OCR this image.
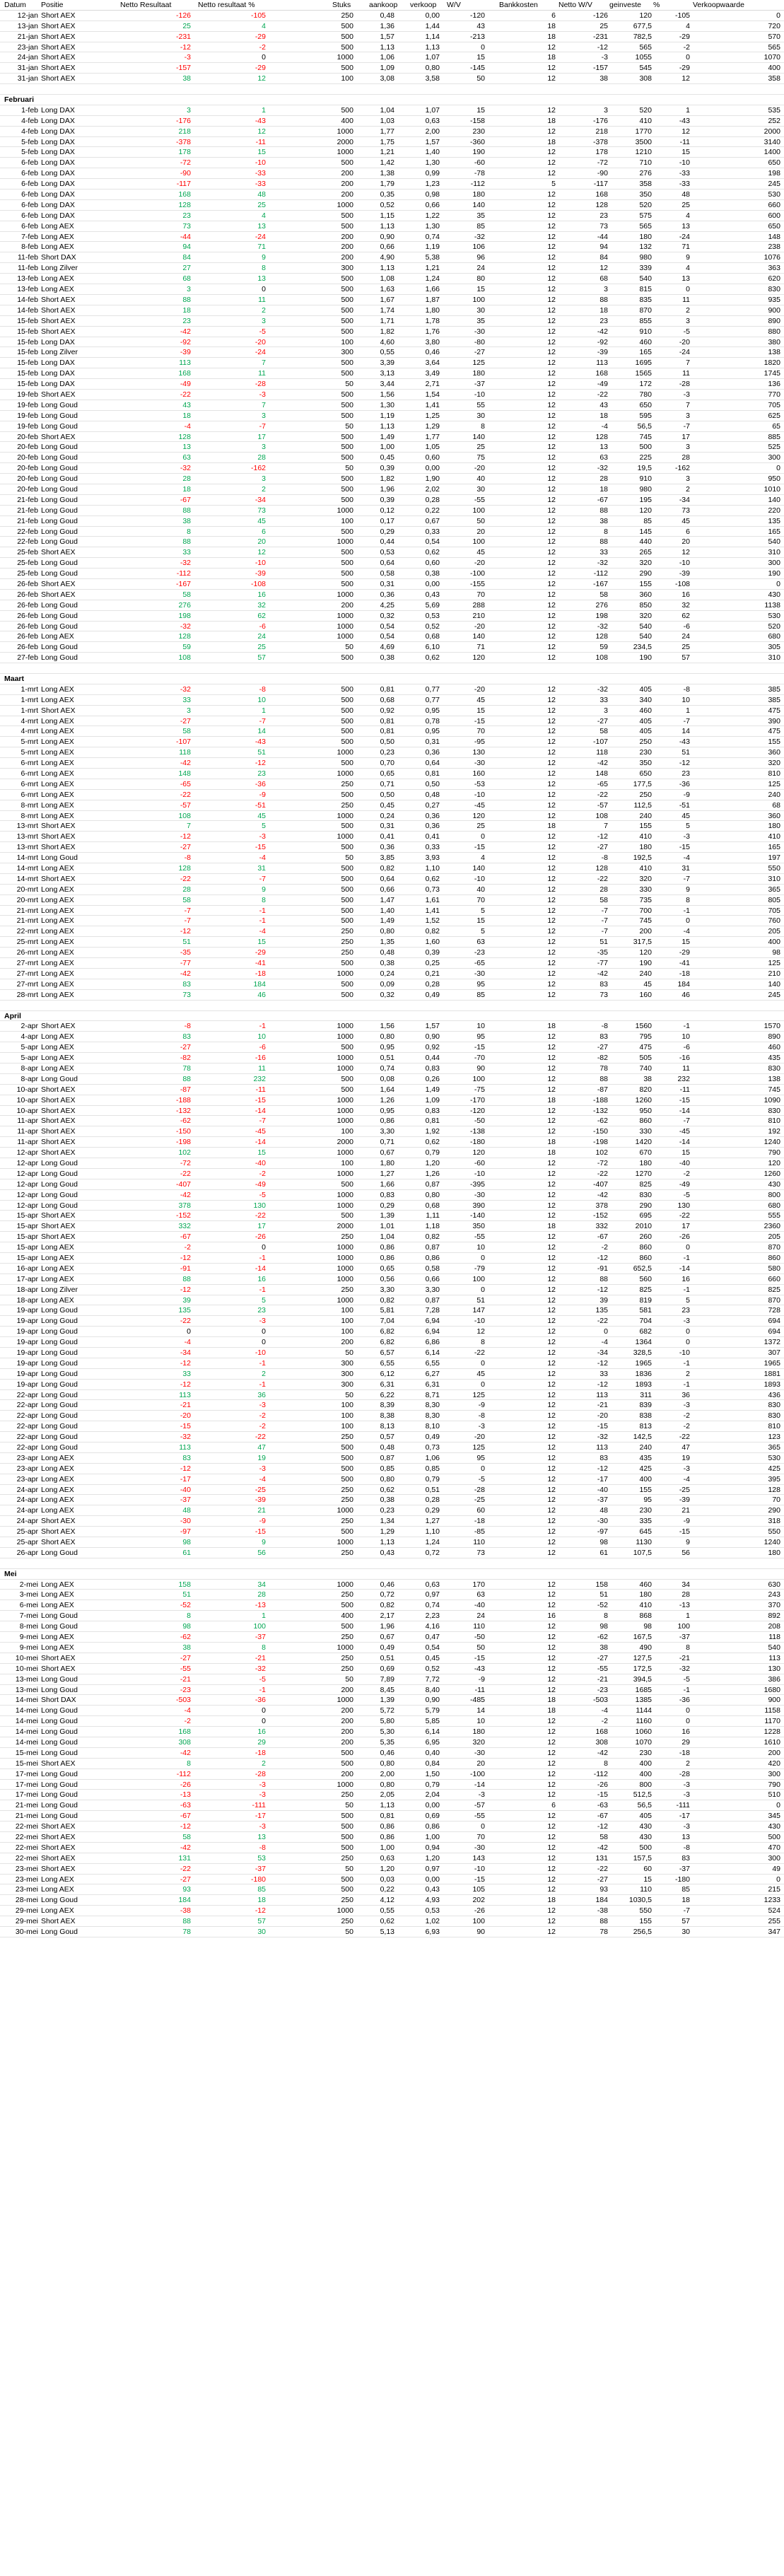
Datum Positie	Netto Resultaat	Netto resultaat %	Stuks aankoop verkoop W/V	Bankkosten	Netto W/V geinveste %	Verkoopwaarde
12-jan Short AEX	-126	-105	250	0,48	0,00	-120	6	-126	120	-105	0
13-jan Short AEX	25	4	500	1,36	1,44	43	18	25	677,5	4	720
21-jan Short AEX	-231	-29	500	1,57	1,14	-213	18	-231	782,5	-29	570
23-jan Short AEX	-12	-2	500	1,13	1,13	0	12	-12	565	-2	565
24-jan Short AEX	-3	0	1000	1,06	1,07	15	18	-3	1055	0	1070
31-jan Short AEX	-157	-29	500	1,09	0,80	-145	12	-157	545	-29	400
31-jan Short AEX	38	12	100	3,08	3,58	50	12	38	308	12	358
Februari
1-feb Long DAX	3	1	500	1,04	1,07	15	12	3	520	1	535
4-feb Long DAX	-176	-43	400	1,03	0,63	-158	18	-176	410	-43	252
4-feb Long DAX	218	12	1000	1,77	2,00	230	12	218	1770	12	2000
5-feb Long DAX	-378	-11	2000	1,75	1,57	-360	18	-378	3500	-11	3140
5-feb Long DAX	178	15	1000	1,21	1,40	190	12	178	1210	15	1400
6-feb Long DAX	-72	-10	500	1,42	1,30	-60	12	-72	710	-10	650
6-feb Long DAX	-90	-33	200	1,38	0,99	-78	12	-90	276	-33	198
6-feb Long DAX	-117	-33	200	1,79	1,23	-112	5	-117	358	-33	245
6-feb Long DAX	168	48	200	0,35	0,98	180	12	168	350	48	530
6-feb Long DAX	128	25	1000	0,52	0,66	140	12	128	520	25	660
6-feb Long DAX	23	4	500	1,15	1,22	35	12	23	575	4	600
6-feb Long AEX	73	13	500	1,13	1,30	85	12	73	565	13	650
7-feb Long AEX	-44	-24	200	0,90	0,74	-32	12	-44	180	-24	148
8-feb Long AEX	94	71	200	0,66	1,19	106	12	94	132	71	238
11-feb Short DAX	84	9	200	4,90	5,38	96	12	84	980	9	1076
11-feb Long Zilver	27	8	300	1,13	1,21	24	12	12	339	4	363
13-feb Long AEX	68	13	500	1,08	1,24	80	12	68	540	13	620
13-feb Long AEX	3	0	500	1,63	1,66	15	12	3	815	0	830
14-feb Short AEX	88	11	500	1,67	1,87	100	12	88	835	11	935
14-feb Short AEX	18	2	500	1,74	1,80	30	12	18	870	2	900
15-feb Short AEX	23	3	500	1,71	1,78	35	12	23	855	3	890
15-feb Short AEX	-42	-5	500	1,82	1,76	-30	12	-42	910	-5	880
15-feb Long DAX	-92	-20	100	4,60	3,80	-80	12	-92	460	-20	380
15-feb Long Zilver	-39	-24	300	0,55	0,46	-27	12	-39	165	-24	138
15-feb Long DAX	113	7	500	3,39	3,64	125	12	113	1695	7	1820
15-feb Long DAX	168	11	500	3,13	3,49	180	12	168	1565	11	1745
15-feb Long DAX	-49	-28	50	3,44	2,71	-37	12	-49	172	-28	136
19-feb Short AEX	-22	-3	500	1,56	1,54	-10	12	-22	780	-3	770
19-feb Long Goud	43	7	500	1,30	1,41	55	12	43	650	7	705
19-feb Long Goud	18	3	500	1,19	1,25	30	12	18	595	3	625
19-feb Long Goud	-4	-7	50	1,13	1,29	8	12	-4	56,5	-7	65
20-feb Short AEX	128	17	500	1,49	1,77	140	12	128	745	17	885
20-feb Long Goud	13	3	500	1,00	1,05	25	12	13	500	3	525
20-feb Long Goud	63	28	500	0,45	0,60	75	12	63	225	28	300
20-feb Long Goud	-32	-162	50	0,39	0,00	-20	12	-32	19,5	-162	0
20-feb Long Goud	28	3	500	1,82	1,90	40	12	28	910	3	950
20-feb Long Goud	18	2	500	1,96	2,02	30	12	18	980	2	1010
21-feb Long Goud	-67	-34	500	0,39	0,28	-55	12	-67	195	-34	140
21-feb Long Goud	88	73	1000	0,12	0,22	100	12	88	120	73	220
21-feb Long Goud	38	45	100	0,17	0,67	50	12	38	85	45	135
22-feb Long Goud	8	6	500	0,29	0,33	20	12	8	145	6	165
22-feb Long Goud	88	20	1000	0,44	0,54	100	12	88	440	20	540
25-feb Short AEX	33	12	500	0,53	0,62	45	12	33	265	12	310
25-feb Long Goud	-32	-10	500	0,64	0,60	-20	12	-32	320	-10	300
25-feb Long Goud	-112	-39	500	0,58	0,38	-100	12	-112	290	-39	190
26-feb Short AEX	-167	-108	500	0,31	0,00	-155	12	-167	155	-108	0
26-feb Short AEX	58	16	1000	0,36	0,43	70	12	58	360	16	430
26-feb Long Goud	276	32	200	4,25	5,69	288	12	276	850	32	1138
26-feb Long Goud	198	62	1000	0,32	0,53	210	12	198	320	62	530
26-feb Long Goud	-32	-6	1000	0,54	0,52	-20	12	-32	540	-6	520
26-feb Long AEX	128	24	1000	0,54	0,68	140	12	128	540	24	680
26-feb Long Goud	59	25	50	4,69	6,10	71	12	59	234,5	25	305
27-feb Long Goud	108	57	500	0,38	0,62	120	12	108	190	57	310
Maart
1-mrt Long AEX	-32	-8	500	0,81	0,77	-20	12	-32	405	-8	385
1-mrt Long AEX	33	10	500	0,68	0,77	45	12	33	340	10	385
1-mrt Short AEX	3	1	500	0,92	0,95	15	12	3	460	1	475
4-mrt Long AEX	-27	-7	500	0,81	0,78	-15	12	-27	405	-7	390
4-mrt Long AEX	58	14	500	0,81	0,95	70	12	58	405	14	475
5-mrt Long AEX	-107	-43	500	0,50	0,31	-95	12	-107	250	-43	155
5-mrt Long AEX	118	51	1000	0,23	0,36	130	12	118	230	51	360
6-mrt Long AEX	-42	-12	500	0,70	0,64	-30	12	-42	350	-12	320
6-mrt Long AEX	148	23	1000	0,65	0,81	160	12	148	650	23	810
6-mrt Long AEX	-65	-36	250	0,71	0,50	-53	12	-65	177,5	-36	125
6-mrt Long AEX	-22	-9	500	0,50	0,48	-10	12	-22	250	-9	240
8-mrt Long AEX	-57	-51	250	0,45	0,27	-45	12	-57	112,5	-51	68
8-mrt Long AEX	108	45	1000	0,24	0,36	120	12	108	240	45	360
13-mrt Short AEX	7	5	500	0,31	0,36	25	18	7	155	5	180
13-mrt Short AEX	-12	-3	1000	0,41	0,41	0	12	-12	410	-3	410
13-mrt Short AEX	-27	-15	500	0,36	0,33	-15	12	-27	180	-15	165
14-mrt Long Goud	-8	-4	50	3,85	3,93	4	12	-8	192,5	-4	197
14-mrt Long AEX	128	31	500	0,82	1,10	140	12	128	410	31	550
14-mrt Short AEX	-22	-7	500	0,64	0,62	-10	12	-22	320	-7	310
20-mrt Long AEX	28	9	500	0,66	0,73	40	12	28	330	9	365
20-mrt Long AEX	58	8	500	1,47	1,61	70	12	58	735	8	805
21-mrt Long AEX	-7	-1	500	1,40	1,41	5	12	-7	700	-1	705
21-mrt Long AEX	-7	-1	500	1,49	1,52	15	12	-7	745	0	760
22-mrt Long AEX	-12	-4	250	0,80	0,82	5	12	-7	200	-4	205
25-mrt Long AEX	51	15	250	1,35	1,60	63	12	51	317,5	15	400
26-mrt Long AEX	-35	-29	250	0,48	0,39	-23	12	-35	120	-29	98
27-mrt Long AEX	-77	-41	500	0,38	0,25	-65	12	-77	190	-41	125
27-mrt Long AEX	-42	-18	1000	0,24	0,21	-30	12	-42	240	-18	210
27-mrt Long AEX	83	184	500	0,09	0,28	95	12	83	45	184	140
28-mrt Long AEX	73	46	500	0,32	0,49	85	12	73	160	46	245
April
2-apr Short AEX	-8	-1	1000	1,56	1,57	10	18	-8	1560	-1	1570
4-apr Long AEX	83	10	1000	0,80	0,90	95	12	83	795	10	890
5-apr Long AEX	-27	-6	500	0,95	0,92	-15	12	-27	475	-6	460
5-apr Long AEX	-82	-16	1000	0,51	0,44	-70	12	-82	505	-16	435
8-apr Long AEX	78	11	1000	0,74	0,83	90	12	78	740	11	830
8-apr Long Goud	88	232	500	0,08	0,26	100	12	88	38	232	138
10-apr Short AEX	-87	-11	500	1,64	1,49	-75	12	-87	820	-11	745
10-apr Short AEX	-188	-15	1000	1,26	1,09	-170	18	-188	1260	-15	1090
10-apr Short AEX	-132	-14	1000	0,95	0,83	-120	12	-132	950	-14	830
11-apr Short AEX	-62	-7	1000	0,86	0,81	-50	12	-62	860	-7	810
11-apr Short AEX	-150	-45	100	3,30	1,92	-138	12	-150	330	-45	192
11-apr Short AEX	-198	-14	2000	0,71	0,62	-180	18	-198	1420	-14	1240
12-apr Short AEX	102	15	1000	0,67	0,79	120	18	102	670	15	790
12-apr Long Goud	-72	-40	100	1,80	1,20	-60	12	-72	180	-40	120
12-apr Long Goud	-22	-2	1000	1,27	1,26	-10	12	-22	1270	-2	1260
12-apr Long Goud	-407	-49	500	1,66	0,87	-395	12	-407	825	-49	430
12-apr Long Goud	-42	-5	1000	0,83	0,80	-30	12	-42	830	-5	800
12-apr Long Goud	378	130	1000	0,29	0,68	390	12	378	290	130	680
15-apr Short AEX	-152	-22	500	1,39	1,11	-140	12	-152	695	-22	555
15-apr Short AEX	332	17	2000	1,01	1,18	350	18	332	2010	17	2360
15-apr Short AEX	-67	-26	250	1,04	0,82	-55	12	-67	260	-26	205
15-apr Long AEX	-2	0	1000	0,86	0,87	10	12	-2	860	0	870
15-apr Long AEX	-12	-1	1000	0,86	0,86	0	12	-12	860	-1	860
16-apr Long AEX	-91	-14	1000	0,65	0,58	-79	12	-91	652,5	-14	580
17-apr Long AEX	88	16	1000	0,56	0,66	100	12	88	560	16	660
18-apr Long Zilver	-12	-1	250	3,30	3,30	0	12	-12	825	-1	825
18-apr Long AEX	39	5	1000	0,82	0,87	51	12	39	819	5	870
19-apr Long Goud	135	23	100	5,81	7,28	147	12	135	581	23	728
19-apr Long Goud	-22	-3	100	7,04	6,94	-10	12	-22	704	-3	694
19-apr Long Goud	0	0	100	6,82	6,94	12	12	0	682	0	694
19-apr Long Goud	-4	0	200	6,82	6,86	8	12	-4	1364	0	1372
19-apr Long Goud	-34	-10	50	6,57	6,14	-22	12	-34	328,5	-10	307
19-apr Long Goud	-12	-1	300	6,55	6,55	0	12	-12	1965	-1	1965
19-apr Long Goud	33	2	300	6,12	6,27	45	12	33	1836	2	1881
19-apr Long Goud	-12	-1	300	6,31	6,31	0	12	-12	1893	-1	1893
22-apr Long Goud	113	36	50	6,22	8,71	125	12	113	311	36	436
22-apr Long Goud	-21	-3	100	8,39	8,30	-9	12	-21	839	-3	830
22-apr Long Goud	-20	-2	100	8,38	8,30	-8	12	-20	838	-2	830
22-apr Long Goud	-15	-2	100	8,13	8,10	-3	12	-15	813	-2	810
22-apr Long Goud	-32	-22	250	0,57	0,49	-20	12	-32	142,5	-22	123
22-apr Long Goud	113	47	500	0,48	0,73	125	12	113	240	47	365
23-apr Long AEX	83	19	500	0,87	1,06	95	12	83	435	19	530
23-apr Long AEX	-12	-3	500	0,85	0,85	0	12	-12	425	-3	425
23-apr Long AEX	-17	-4	500	0,80	0,79	-5	12	-17	400	-4	395
24-apr Long AEX	-40	-25	250	0,62	0,51	-28	12	-40	155	-25	128
24-apr Long AEX	-37	-39	250	0,38	0,28	-25	12	-37	95	-39	70
24-apr Long AEX	48	21	1000	0,23	0,29	60	12	48	230	21	290
24-apr Short AEX	-30	-9	250	1,34	1,27	-18	12	-30	335	-9	318
25-apr Short AEX	-97	-15	500	1,29	1,10	-85	12	-97	645	-15	550
25-apr Short AEX	98	9	1000	1,13	1,24	110	12	98	1130	9	1240
26-apr Long Goud	61	56	250	0,43	0,72	73	12	61	107,5	56	180
Mei
2-mei Long AEX	158	34	1000	0,46	0,63	170	12	158	460	34	630
3-mei Long AEX	51	28	250	0,72	0,97	63	12	51	180	28	243
6-mei Long AEX	-52	-13	500	0,82	0,74	-40	12	-52	410	-13	370
7-mei Long Goud	8	1	400	2,17	2,23	24	16	8	868	1	892
8-mei Long Goud	98	100	500	1,96	4,16	110	12	98	98	100	208
9-mei Long AEX	-62	-37	250	0,67	0,47	-50	12	-62	167,5	-37	118
9-mei Long AEX	38	8	1000	0,49	0,54	50	12	38	490	8	540
10-mei Short AEX	-27	-21	250	0,51	0,45	-15	12	-27	127,5	-21	113
10-mei Short AEX	-55	-32	250	0,69	0,52	-43	12	-55	172,5	-32	130
13-mei Long Goud	-21	-5	50	7,89	7,72	-9	12	-21	394,5	-5	386
13-mei Long Goud	-23	-1	200	8,45	8,40	-11	12	-23	1685	-1	1680
14-mei Short DAX	-503	-36	1000	1,39	0,90	-485	18	-503	1385	-36	900
14-mei Long Goud	-4	0	200	5,72	5,79	14	18	-4	1144	0	1158
14-mei Long Goud	-2	0	200	5,80	5,85	10	12	-2	1160	0	1170
14-mei Long Goud	168	16	200	5,30	6,14	180	12	168	1060	16	1228
14-mei Long Goud	308	29	200	5,35	6,95	320	12	308	1070	29	1610
15-mei Long Goud	-42	-18	500	0,46	0,40	-30	12	-42	230	-18	200
15-mei Short AEX	8	2	500	0,80	0,84	20	12	8	400	2	420
17-mei Long Goud	-112	-28	200	2,00	1,50	-100	12	-112	400	-28	300
17-mei Long Goud	-26	-3	1000	0,80	0,79	-14	12	-26	800	-3	790
17-mei Long Goud	-13	-3	250	2,05	2,04	-3	12	-15	512,5	-3	510
21-mei Long Goud	-63	-111	50	1,13	0,00	-57	6	-63	56,5	-111	0
21-mei Long Goud	-67	-17	500	0,81	0,69	-55	12	-67	405	-17	345
22-mei Short AEX	-12	-3	500	0,86	0,86	0	12	-12	430	-3	430
22-mei Short AEX	58	13	500	0,86	1,00	70	12	58	430	13	500
22-mei Short AEX	-42	-8	500	1,00	0,94	-30	12	-42	500	-8	470
22-mei Short AEX	131	53	250	0,63	1,20	143	12	131	157,5	83	300
23-mei Short AEX	-22	-37	50	1,20	0,97	-10	12	-22	60	-37	49
23-mei Long AEX	-27	-180	500	0,03	0,00	-15	12	-27	15	-180	0
23-mei Long AEX	93	85	500	0,22	0,43	105	12	93	110	85	215
28-mei Long Goud	184	18	250	4,12	4,93	202	18	184	1030,5	18	1233
29-mei Long AEX	-38	-12	1000	0,55	0,53	-26	12	-38	550	-7	524
29-mei Short AEX	88	57	250	0,62	1,02	100	12	88	155	57	255
30-mei Long Goud	78	30	50	5,13	6,93	90	12	78	256,5	30	347
